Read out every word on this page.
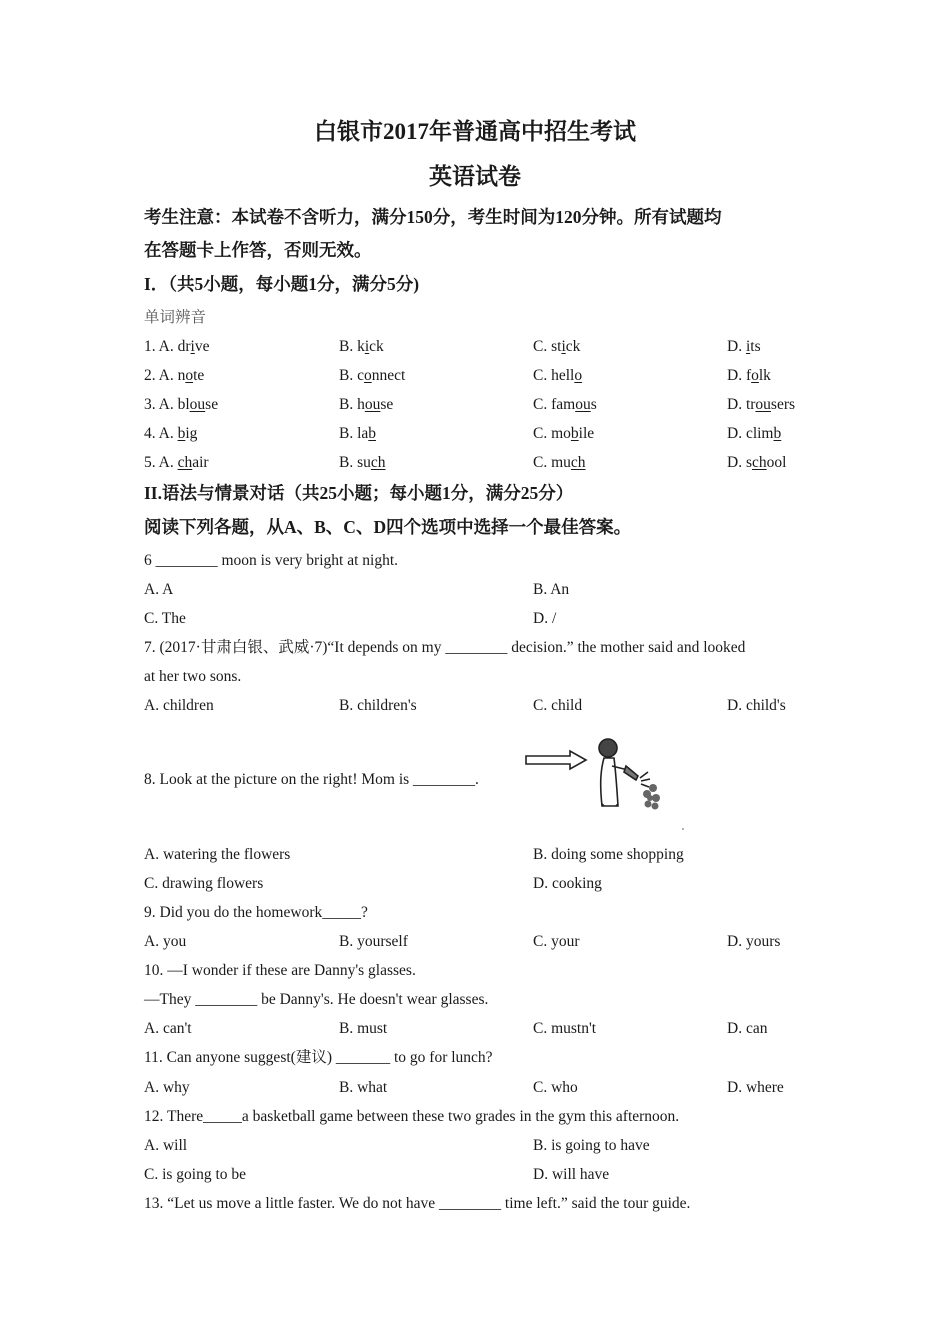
白银市2017年普通高中招生考试
英语试卷
考生注意：本试卷不含听力，满分150分，考生时间为120分钟。所有试题均
在答题卡上作答，否则无效。
I．（共5小题，每小题1分，满分5分)
单词辨音
1. A. drive	B. kick	C. stick	D. its
2. A. note	B. connect	C. hello	D. folk
3. A. blouse	B. house	C. famous	D. trousers
4. A. big	B. lab	C. mobile	D. climb
5. A. chair	B. such	C. much	D. school
II.语法与情景对话（共25小题；每小题1分，满分25分）
阅读下列各题，从A、B、C、D四个选项中选择一个最佳答案。
6 ________ moon is very bright at night.
A. A	B. An
C. The	D. /
7. (2017·甘肃白银、武威·7)“It depends on my ________ decision.” the mother said and looked
at her two sons.
A. children	B. children's	C. child	D. child's
8. Look at the picture on the right! Mom is ________.
A. watering the flowers	B. doing some shopping
C. drawing flowers	D. cooking
9. Did you do the homework_____?
A. you	B. yourself	C. your	D. yours
10. —I wonder if these are Danny's glasses.
—They ________ be Danny's. He doesn't wear glasses.
A. can't	B. must	C. mustn't	D. can
11. Can anyone suggest(建议) _______ to go for lunch?
A. why	B. what	C. who	D. where
12. There_____a basketball game between these two grades in the gym this afternoon.
A. will	B. is going to have
C. is going to be	D. will have
13. “Let us move a little faster. We do not have ________ time left.” said the tour guide.
